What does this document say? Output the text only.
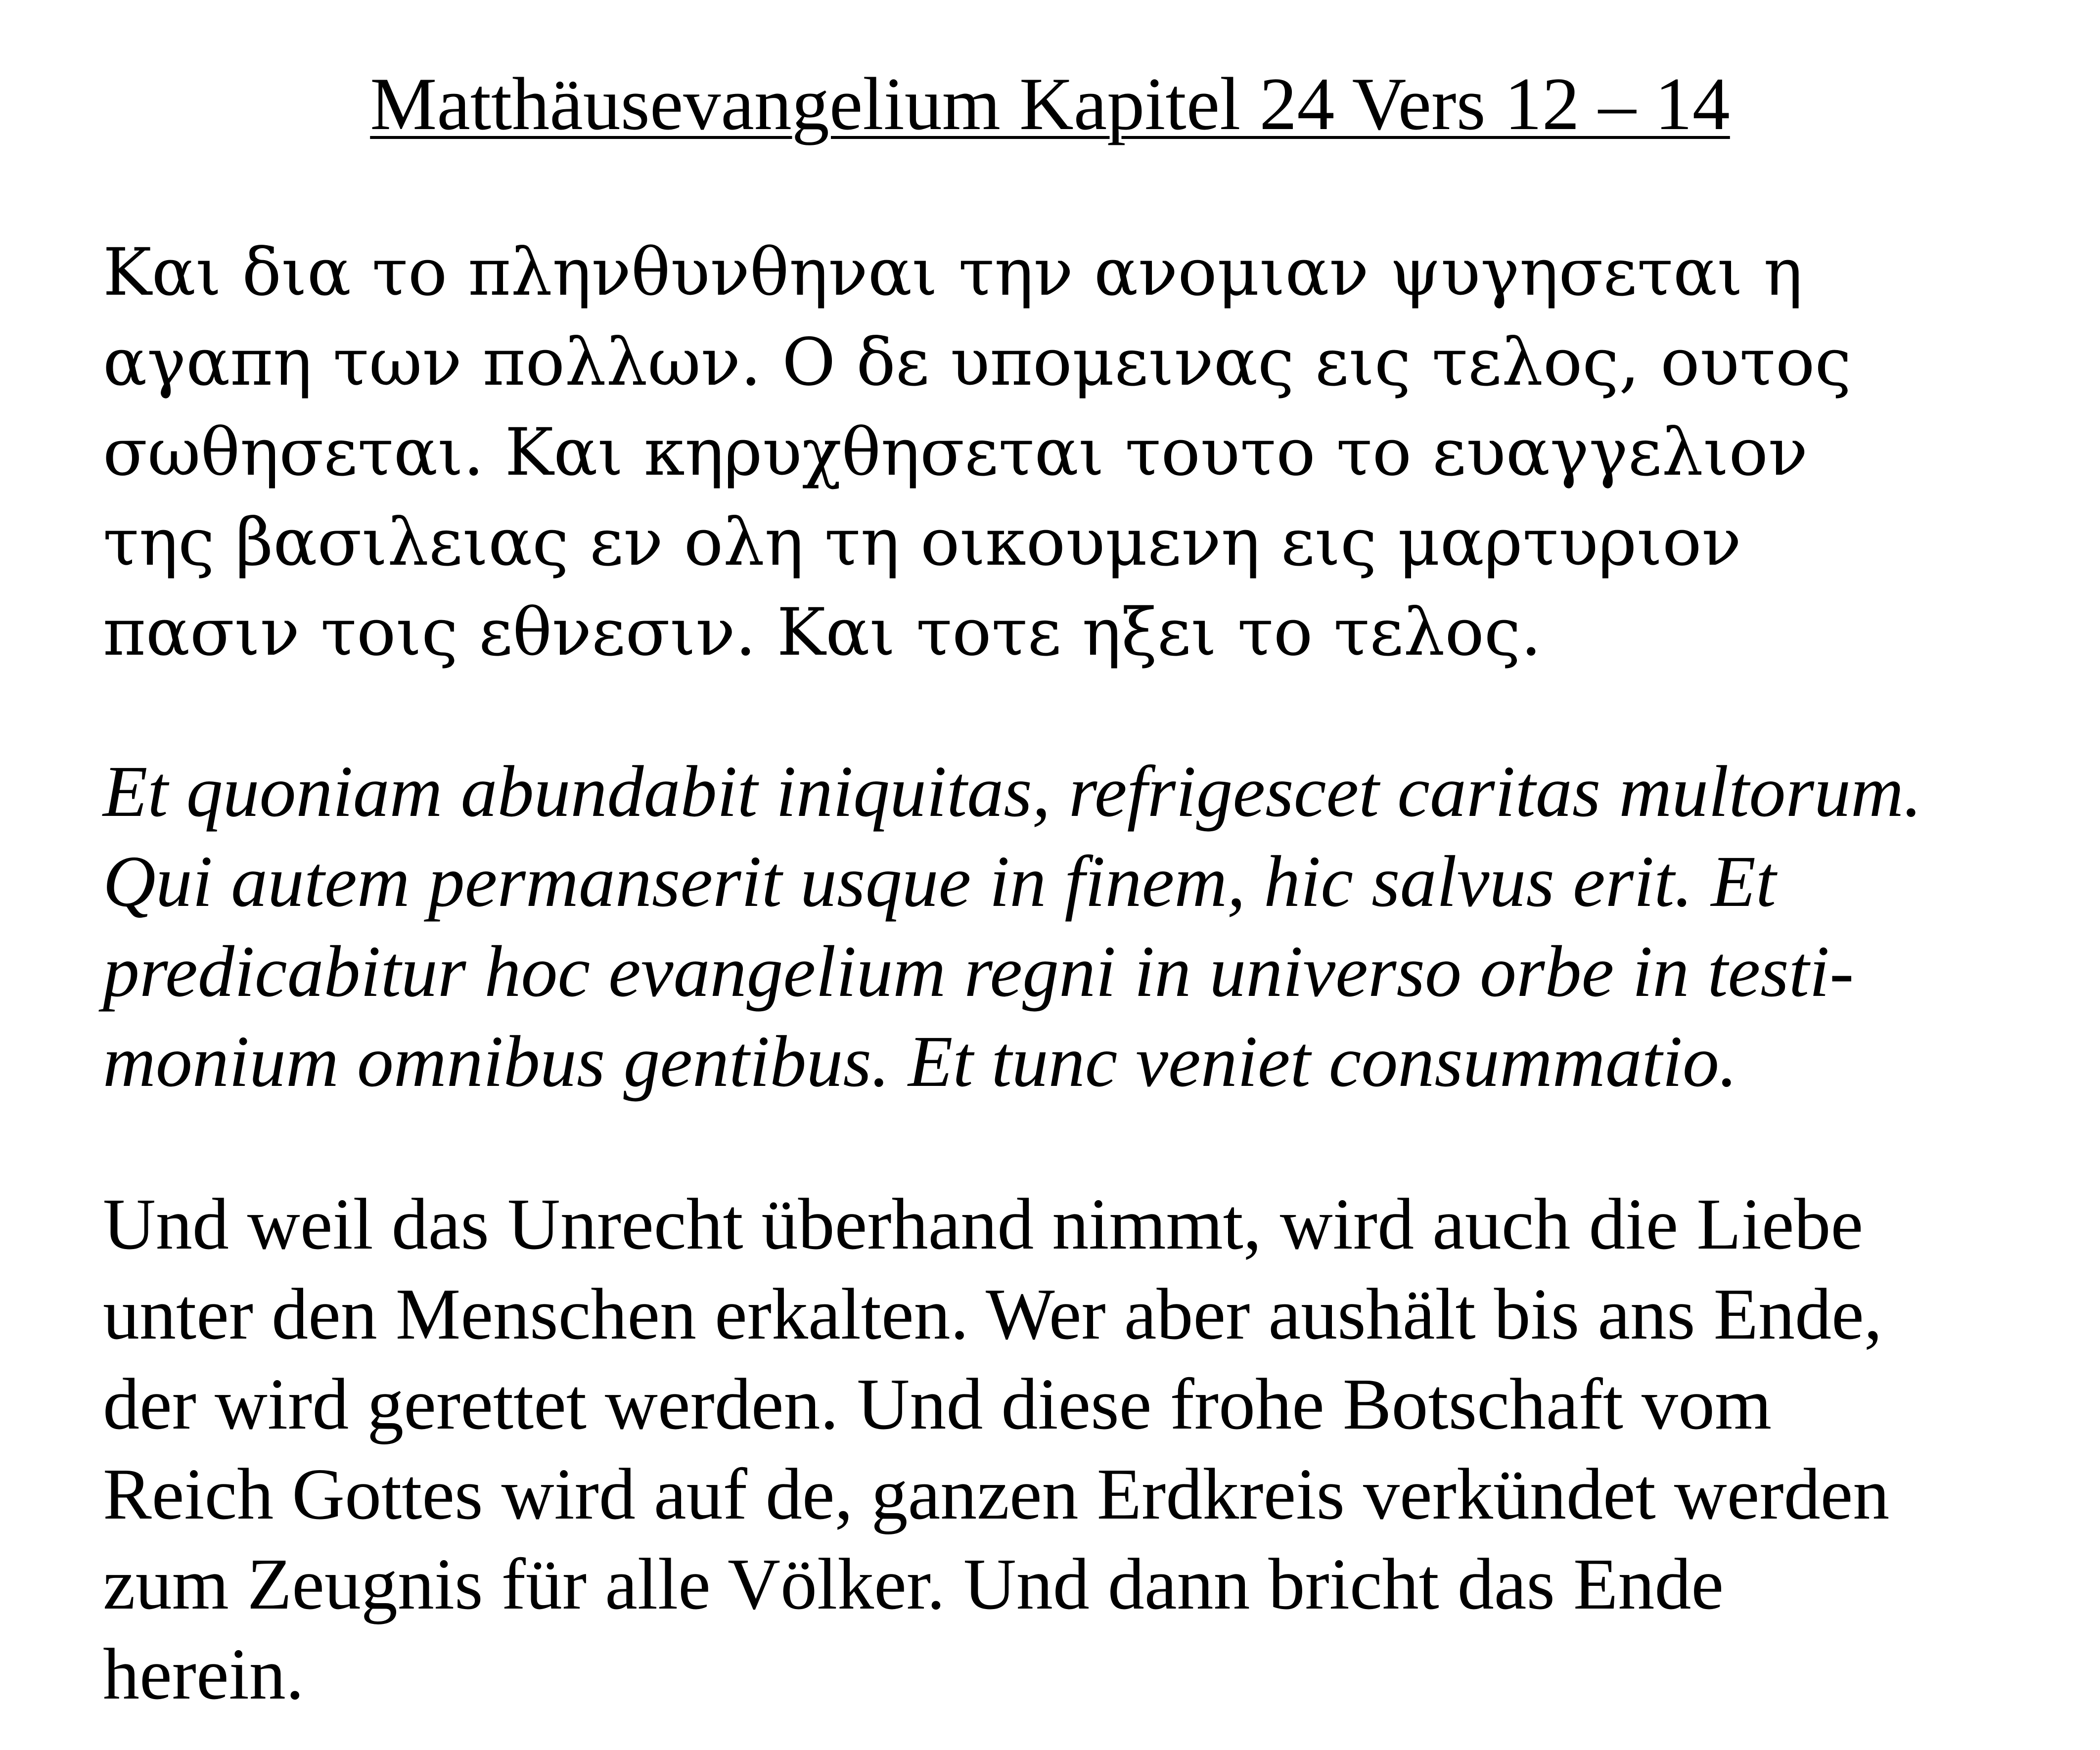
Matthäusevangelium Kapitel 24 Vers 12 – 14

Και δια το πληνθυνθηναι την ανομιαν ψυγησεται η
αγαπη των πολλων. Ο δε υπομεινας εις τελος, ουτος
σωθησεται. Και κηρυχθησεται τουτο το ευαγγελιον
της βασιλειας εν ολη τη οικουμενη εις μαρτυριον
πασιν τοις εθνεσιν. Και τοτε ηξει το τελος.

Et quoniam abundabit iniquitas, refrigescet caritas multorum.
Qui autem permanserit usque in finem, hic salvus erit. Et
predicabitur hoc evangelium regni in universo orbe in testi-
monium omnibus gentibus. Et tunc veniet consummatio.

Und weil das Unrecht überhand nimmt, wird auch die Liebe
unter den Menschen erkalten. Wer aber aushält bis ans Ende,
der wird gerettet werden. Und diese frohe Botschaft vom
Reich Gottes wird auf de, ganzen Erdkreis verkündet werden
zum Zeugnis für alle Völker. Und dann bricht das Ende
herein.
